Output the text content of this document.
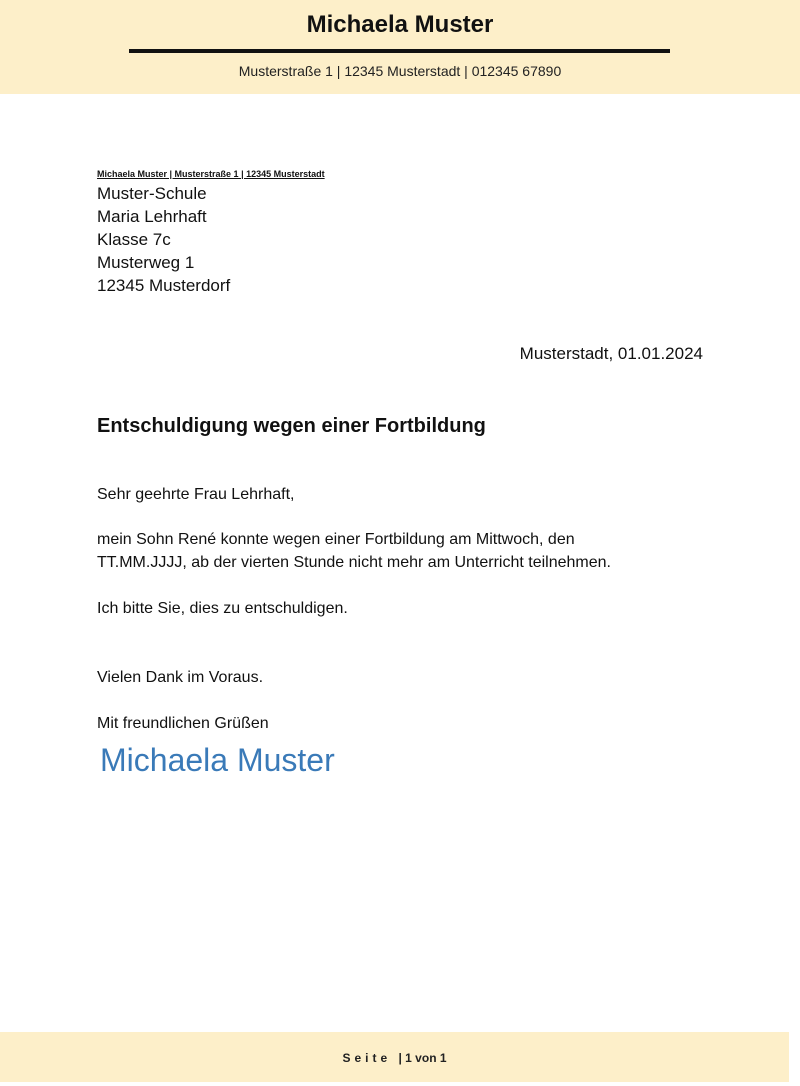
Michaela Muster
Musterstraße 1 | 12345 Musterstadt | 012345 67890
Michaela Muster | Musterstraße 1 | 12345 Musterstadt
Muster-Schule
Maria Lehrhaft
Klasse 7c
Musterweg 1
12345 Musterdorf
Musterstadt, 01.01.2024
Entschuldigung wegen einer Fortbildung
Sehr geehrte Frau Lehrhaft,
mein Sohn René konnte wegen einer Fortbildung am Mittwoch, den
TT.MM.JJJJ, ab der vierten Stunde nicht mehr am Unterricht teilnehmen.
Ich bitte Sie, dies zu entschuldigen.
Vielen Dank im Voraus.
Mit freundlichen Grüßen
Michaela Muster
Seite | 1 von 1
